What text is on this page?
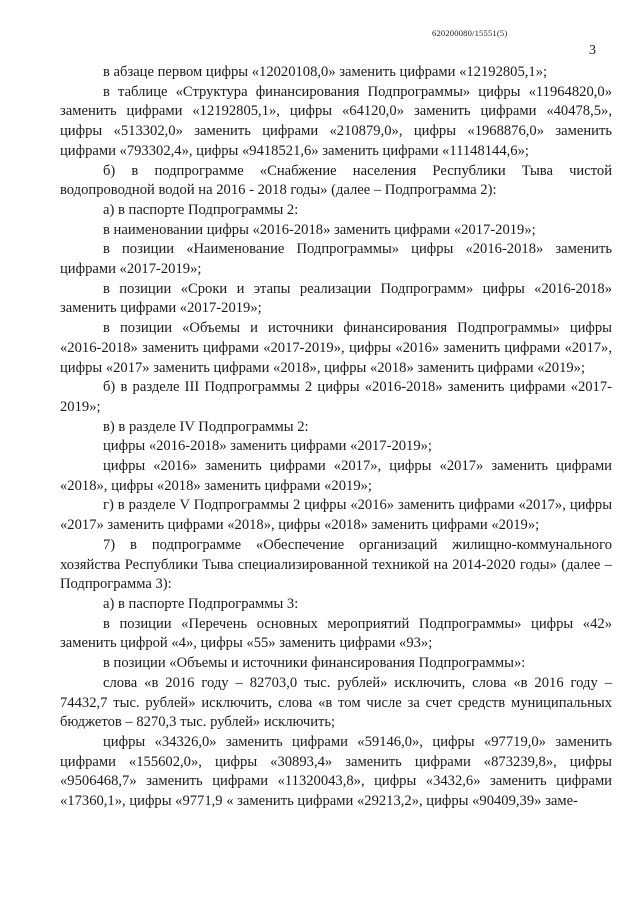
620200080/15551(5)
3

в абзаце первом цифры «12020108,0» заменить цифрами «12192805,1»;

в таблице «Структура финансирования Подпрограммы» цифры «11964820,0» заменить цифрами «12192805,1», цифры «64120,0» заменить цифрами «40478,5», цифры «513302,0» заменить цифрами «210879,0», цифры «1968876,0» заменить цифрами «793302,4», цифры «9418521,6» заменить цифрами «11148144,6»;

б) в подпрограмме «Снабжение населения Республики Тыва чистой водопроводной водой на 2016 - 2018 годы» (далее – Подпрограмма 2):

а) в паспорте Подпрограммы 2:

в наименовании цифры «2016-2018» заменить цифрами «2017-2019»;

в позиции «Наименование Подпрограммы» цифры «2016-2018» заменить цифрами «2017-2019»;

в позиции «Сроки и этапы реализации Подпрограмм» цифры «2016-2018» заменить цифрами «2017-2019»;

в позиции «Объемы и источники финансирования Подпрограммы» цифры «2016-2018» заменить цифрами «2017-2019», цифры «2016» заменить цифрами «2017», цифры «2017» заменить цифрами «2018», цифры «2018» заменить цифрами «2019»;

б) в разделе III Подпрограммы 2 цифры «2016-2018» заменить цифрами «2017-2019»;

в) в разделе IV Подпрограммы 2:

цифры «2016-2018» заменить цифрами «2017-2019»;

цифры «2016» заменить цифрами «2017», цифры «2017» заменить цифрами «2018», цифры «2018» заменить цифрами «2019»;

г) в разделе V Подпрограммы 2 цифры «2016» заменить цифрами «2017», цифры «2017» заменить цифрами «2018», цифры «2018» заменить цифрами «2019»;

7) в подпрограмме «Обеспечение организаций жилищно-коммунального хозяйства Республики Тыва специализированной техникой на 2014-2020 годы» (далее – Подпрограмма 3):

а) в паспорте Подпрограммы 3:

в позиции «Перечень основных мероприятий Подпрограммы» цифры «42» заменить цифрой «4», цифры «55» заменить цифрами «93»;

в позиции «Объемы и источники финансирования Подпрограммы»:

слова «в 2016 году – 82703,0 тыс. рублей» исключить, слова «в 2016 году – 74432,7 тыс. рублей» исключить, слова «в том числе за счет средств муниципальных бюджетов – 8270,3 тыс. рублей» исключить;

цифры «34326,0» заменить цифрами «59146,0», цифры «97719,0» заменить цифрами «155602,0», цифры «30893,4» заменить цифрами «873239,8», цифры «9506468,7» заменить цифрами «11320043,8», цифры «3432,6» заменить цифрами «17360,1», цифры «9771,9 « заменить цифрами «29213,2», цифры «90409,39» заме-
